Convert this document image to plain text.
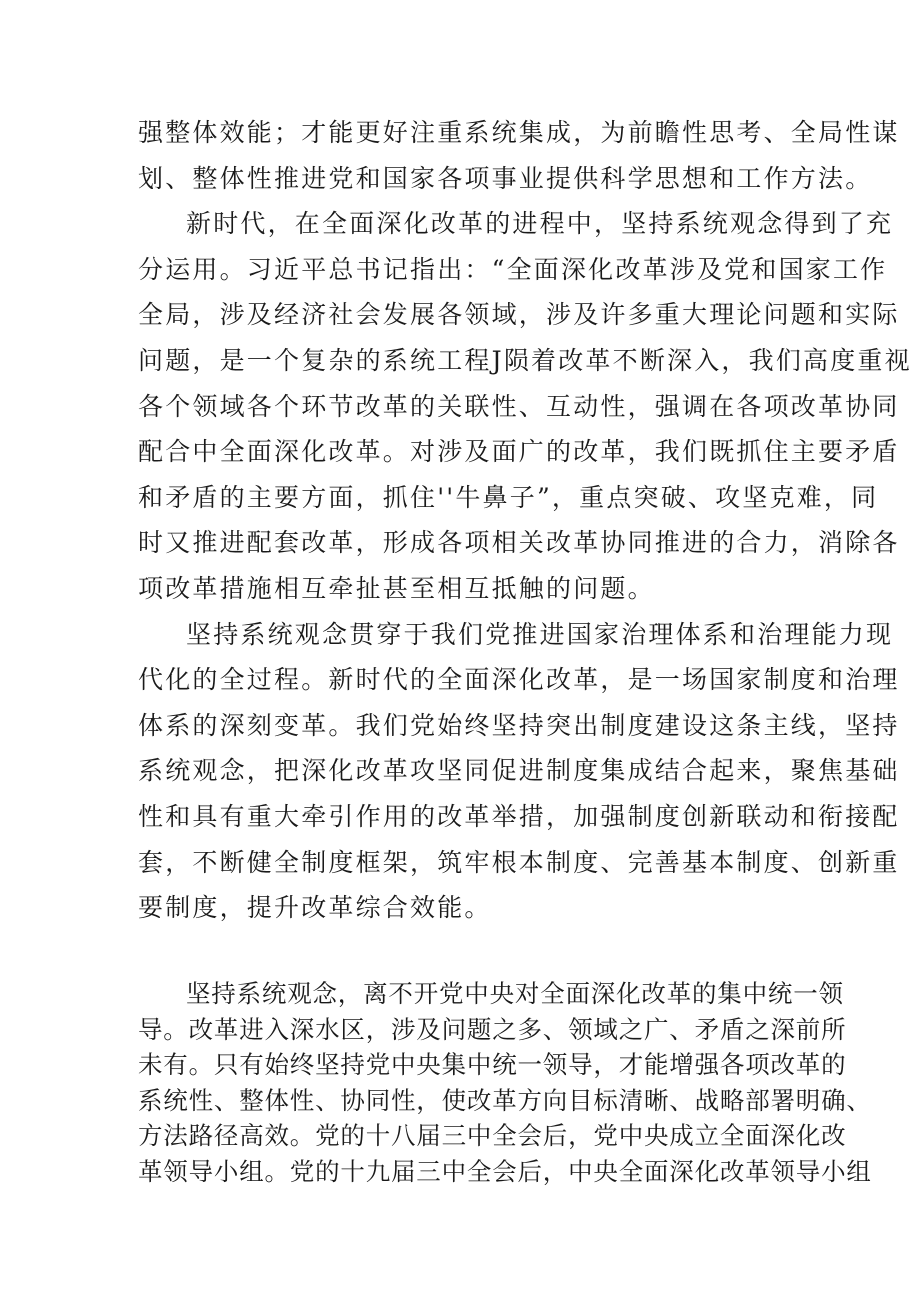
强整体效能；才能更好注重系统集成，为前瞻性思考、全局性谋
划、整体性推进党和国家各项事业提供科学思想和工作方法。

新时代，在全面深化改革的进程中，坚持系统观念得到了充
分运用。习近平总书记指出：“全面深化改革涉及党和国家工作
全局，涉及经济社会发展各领域，涉及许多重大理论问题和实际
问题，是一个复杂的系统工程J陨着改革不断深入，我们高度重视
各个领域各个环节改革的关联性、互动性，强调在各项改革协同
配合中全面深化改革。对涉及面广的改革，我们既抓住主要矛盾
和矛盾的主要方面，抓住''牛鼻子”，重点突破、攻坚克难，同
时又推进配套改革，形成各项相关改革协同推进的合力，消除各
项改革措施相互牵扯甚至相互抵触的问题。

坚持系统观念贯穿于我们党推进国家治理体系和治理能力现
代化的全过程。新时代的全面深化改革，是一场国家制度和治理
体系的深刻变革。我们党始终坚持突出制度建设这条主线，坚持
系统观念，把深化改革攻坚同促进制度集成结合起来，聚焦基础
性和具有重大牵引作用的改革举措，加强制度创新联动和衔接配
套，不断健全制度框架，筑牢根本制度、完善基本制度、创新重
要制度，提升改革综合效能。

坚持系统观念，离不开党中央对全面深化改革的集中统一领
导。改革进入深水区，涉及问题之多、领域之广、矛盾之深前所
未有。只有始终坚持党中央集中统一领导，才能增强各项改革的
系统性、整体性、协同性，使改革方向目标清晰、战略部署明确、
方法路径高效。党的十八届三中全会后，党中央成立全面深化改
革领导小组。党的十九届三中全会后，中央全面深化改革领导小组
